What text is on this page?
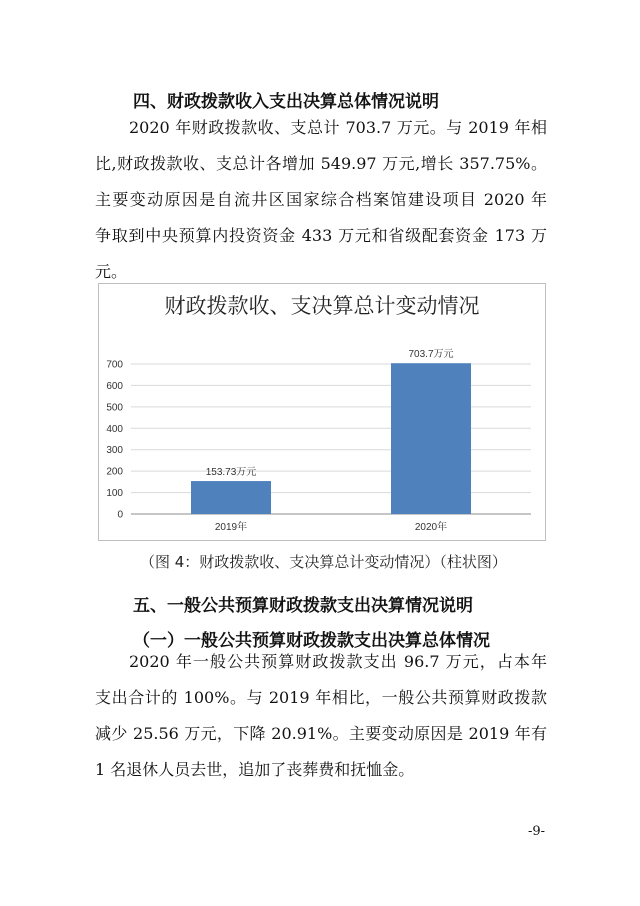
四、财政拨款收入支出决算总体情况说明
2020 年财政拨款收、支总计 703.7 万元。与 2019 年相
比,财政拨款收、支总计各增加 549.97 万元,增长 357.75%。
主要变动原因是自流井区国家综合档案馆建设项目 2020 年
争取到中央预算内投资资金 433 万元和省级配套资金 173 万
元。
财政拨款收、支决算总计变动情况
0
100
200
300
400
500
600
700
153.73万元
2019年
703.7万元
2020年

（图 4：财政拨款收、支决算总计变动情况）（柱状图）

五、一般公共预算财政拨款支出决算情况说明
（一）一般公共预算财政拨款支出决算总体情况
2020 年一般公共预算财政拨款支出 96.7 万元，占本年
支出合计的 100%。与 2019 年相比，一般公共预算财政拨款
减少 25.56 万元，下降 20.91%。主要变动原因是 2019 年有
1 名退休人员去世，追加了丧葬费和抚恤金。

-9-
